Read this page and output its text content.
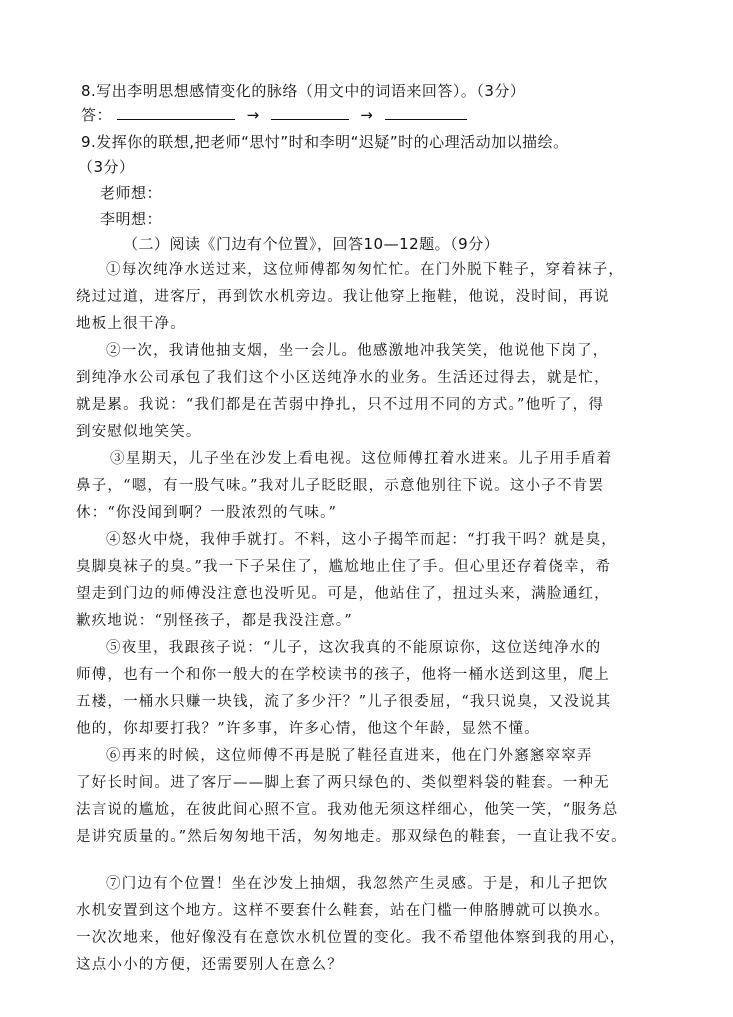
8.写出李明思想感情变化的脉络（用文中的词语来回答）。（3分）
答：	→	→
9.发挥你的联想,把老师“思忖”时和李明“迟疑”时的心理活动加以描绘。
（3分）
老师想：
李明想：
（二）阅读《门边有个位置》，回答10—12题。（9分）
①每次纯净水送过来，这位师傅都匆匆忙忙。在门外脱下鞋子，穿着袜子，
绕过过道，进客厅，再到饮水机旁边。我让他穿上拖鞋，他说，没时间，再说
地板上很干净。
②一次，我请他抽支烟，坐一会儿。他感激地冲我笑笑，他说他下岗了，
到纯净水公司承包了我们这个小区送纯净水的业务。生活还过得去，就是忙，
就是累。我说：“我们都是在苦弱中挣扎，只不过用不同的方式。”他听了，得
到安慰似地笑笑。
③星期天，儿子坐在沙发上看电视。这位师傅扛着水进来。儿子用手盾着
鼻子，“嗯，有一股气味。”我对儿子眨眨眼，示意他别往下说。这小子不肯罢
休：“你没闻到啊？一股浓烈的气味。”
④怒火中烧，我伸手就打。不料，这小子揭竿而起：“打我干吗？就是臭，
臭脚臭袜子的臭。”我一下子呆住了，尴尬地止住了手。但心里还存着侥幸，希
望走到门边的师傅没注意也没听见。可是，他站住了，扭过头来，满脸通红，
歉疚地说：“别怪孩子，都是我没注意。”
⑤夜里，我跟孩子说：“儿子，这次我真的不能原谅你，这位送纯净水的
师傅，也有一个和你一般大的在学校读书的孩子，他将一桶水送到这里，爬上
五楼，一桶水只赚一块钱，流了多少汗？”儿子很委屈，“我只说臭，又没说其
他的，你却要打我？”许多事，许多心情，他这个年龄，显然不懂。
⑥再来的时候，这位师傅不再是脱了鞋径直进来，他在门外窸窸窣窣弄
了好长时间。进了客厅——脚上套了两只绿色的、类似塑料袋的鞋套。一种无
法言说的尴尬，在彼此间心照不宣。我劝他无须这样细心，他笑一笑，“服务总
是讲究质量的。”然后匆匆地干活，匆匆地走。那双绿色的鞋套，一直让我不安。
⑦门边有个位置！坐在沙发上抽烟，我忽然产生灵感。于是，和儿子把饮
水机安置到这个地方。这样不要套什么鞋套，站在门槛一伸胳膊就可以换水。
一次次地来，他好像没有在意饮水机位置的变化。我不希望他体察到我的用心，
这点小小的方便，还需要别人在意么？
